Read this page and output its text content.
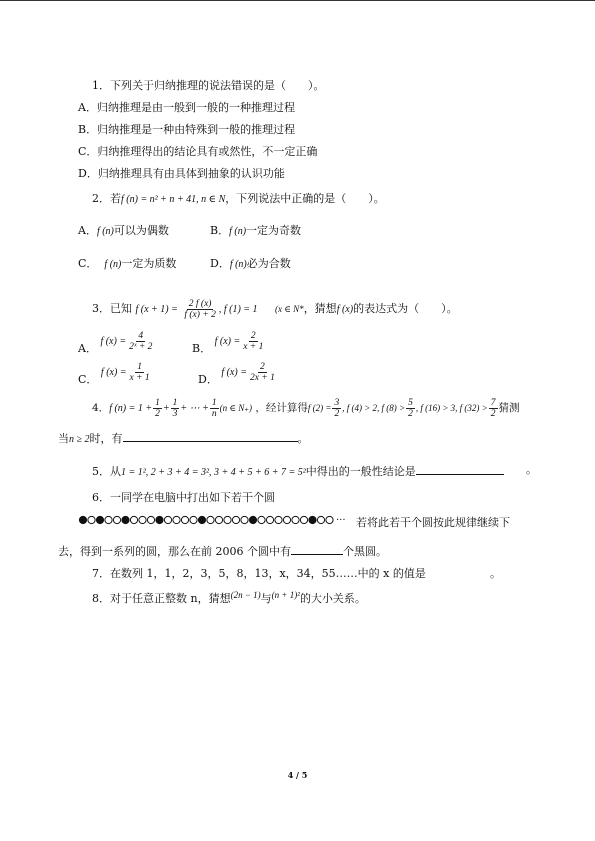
1．下列关于归纳推理的说法错误的是（　　）。
A．归纳推理是由一般到一般的一种推理过程
B．归纳推理是一种由特殊到一般的推理过程
C．归纳推理得出的结论具有或然性，不一定正确
D．归纳推理具有由具体到抽象的认识功能
2．若f (n) = n² + n + 41, n ∈ N，下列说法中正确的是（　　）。
A．f (n)可以为偶数	B．f (n)一定为奇数
C． f (n)一定为质数	D．f (n)必为合数
3．已知 f $(x + 1) = \frac{2 f (x)}{f (x) + 2}$ , f (1) = 1 (x ∈ N*，猜想f (x)的表达式为（　　）。
A． f $(x) = \frac{4}{\text{2ˣ + 2}}$	B． f $(x) = \frac{2}{x + 1}$
C． f $(x) = \frac{1}{x + 1}$	D． f $(x) = \frac{2}{2x + 1}$
4．f $(n) = 1 + \frac{1}{2} + \frac{1}{3}$ + ⋯ + $\frac{1}{n} (n$ ∈ N₊) ，经计算得f $(2) = \frac{3}{2}$ , f (4) > 2, f $(8) > \frac{5}{2}$ , f (16) > 3, f $(32) > \frac{7}{2}$ 猜测
当n ≥ 2时，有	。
5．从1 = 1², 2 + 3 + 4 = 3², 3 + 4 + 5 + 6 + 7 = 5²中得出的一般性结论是	。
6．一同学在电脑中打出如下若干个圆
··· 若将此若干个圆按此规律继续下
去，得到一系列的圆，那么在前 2006 个圆中有	个黑圆。
7．在数列 1，1，2，3，5，8，13，x，34，55……中的 x 的值是	。
8．对于任意正整数 n，猜想$^{(2n - 1)}$与$^{(n + 1)^2}$的大小关系。
4 / 5
